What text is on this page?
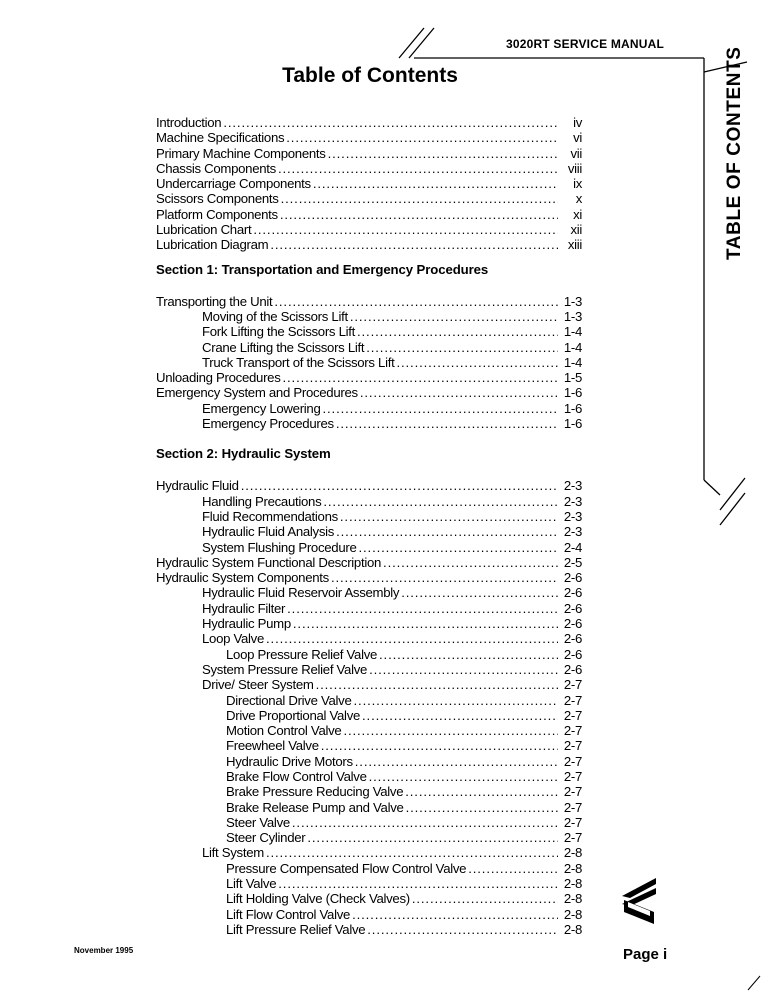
3020RT SERVICE MANUAL
Table of Contents	TABLE OF CONTENTS
Introduction . . .	iv
Machine Specifications . . .	vi
Primary Machine Components . . .	vii
Chassis Components . . .	viii
Undercarriage Components . . .	ix
Scissors Components . . .	x
Platform Components . . .	xi
Lubrication Chart . . .	xii
Lubrication Diagram . . .	xiii
Section 1: Transportation and Emergency Procedures
Transporting the Unit . . .	1-3
Moving of the Scissors Lift . . .	1-3
Fork Lifting the Scissors Lift . . .	1-4
Crane Lifting the Scissors Lift . . .	1-4
Truck Transport of the Scissors Lift . . .	1-4
Unloading Procedures . . .	1-5
Emergency System and Procedures . . .	1-6
Emergency Lowering . . .	1-6
Emergency Procedures . . .	1-6
Section 2: Hydraulic System
Hydraulic Fluid . . .	2-3
Handling Precautions . . .	2-3
Fluid Recommendations . . .	2-3
Hydraulic Fluid Analysis . . .	2-3
System Flushing Procedure . . .	2-4
Hydraulic System Functional Description . . .	2-5
Hydraulic System Components . . .	2-6
Hydraulic Fluid Reservoir Assembly . . .	2-6
Hydraulic Filter . . .	2-6
Hydraulic Pump . . .	2-6
Loop Valve . . .	2-6
Loop Pressure Relief Valve . . .	2-6
System Pressure Relief Valve . . .	2-6
Drive/ Steer System . . .	2-7
Directional Drive Valve . . .	2-7
Drive Proportional Valve . . .	2-7
Motion Control Valve . . .	2-7
Freewheel Valve . . .	2-7
Hydraulic Drive Motors . . .	2-7
Brake Flow Control Valve . . .	2-7
Brake Pressure Reducing Valve . . .	2-7
Brake Release Pump and Valve . . .	2-7
Steer Valve . . .	2-7
Steer Cylinder . . .	2-7
Lift System . . .	2-8
Pressure Compensated Flow Control Valve . . .	2-8
Lift Valve . . .	2-8
Lift Holding Valve (Check Valves) . . .	2-8
Lift Flow Control Valve . . .	2-8
Lift Pressure Relief Valve . . .	2-8
November 1995	Page i
